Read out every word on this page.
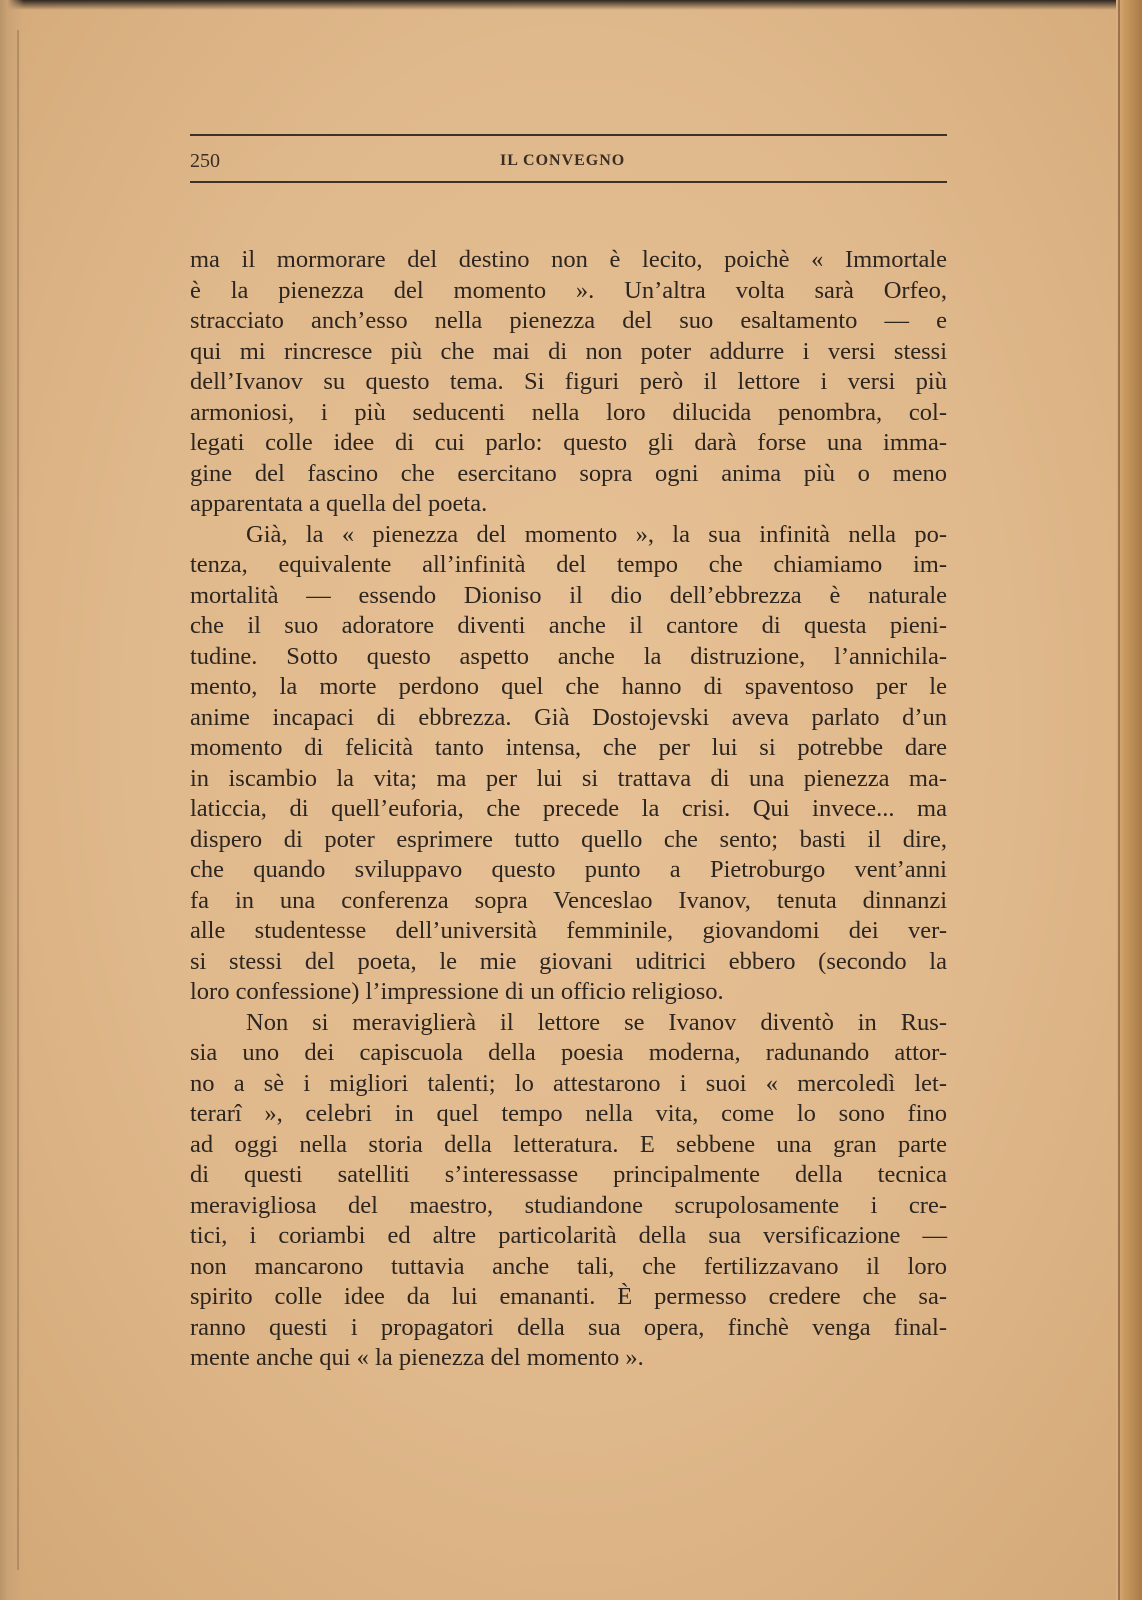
250	IL CONVEGNO
ma il mormorare del destino non è lecito, poichè « Immortale
è la pienezza del momento ». Un’altra volta sarà Orfeo,
stracciato anch’esso nella pienezza del suo esaltamento — e
qui mi rincresce più che mai di non poter addurre i versi stessi
dell’Ivanov su questo tema. Si figuri però il lettore i versi più
armoniosi, i più seducenti nella loro dilucida penombra, col-
legati colle idee di cui parlo: questo gli darà forse una imma-
gine del fascino che esercitano sopra ogni anima più o meno
apparentata a quella del poeta.
Già, la « pienezza del momento », la sua infinità nella po-
tenza, equivalente all’infinità del tempo che chiamiamo im-
mortalità — essendo Dioniso il dio dell’ebbrezza è naturale
che il suo adoratore diventi anche il cantore di questa pieni-
tudine. Sotto questo aspetto anche la distruzione, l’annichila-
mento, la morte perdono quel che hanno di spaventoso per le
anime incapaci di ebbrezza. Già Dostojevski aveva parlato d’un
momento di felicità tanto intensa, che per lui si potrebbe dare
in iscambio la vita; ma per lui si trattava di una pienezza ma-
laticcia, di quell’euforia, che precede la crisi. Qui invece... ma
dispero di poter esprimere tutto quello che sento; basti il dire,
che quando sviluppavo questo punto a Pietroburgo vent’anni
fa in una conferenza sopra Venceslao Ivanov, tenuta dinnanzi
alle studentesse dell’università femminile, giovandomi dei ver-
si stessi del poeta, le mie giovani uditrici ebbero (secondo la
loro confessione) l’impressione di un officio religioso.
Non si meraviglierà il lettore se Ivanov diventò in Rus-
sia uno dei capiscuola della poesia moderna, radunando attor-
no a sè i migliori talenti; lo attestarono i suoi « mercoledì let-
terarî », celebri in quel tempo nella vita, come lo sono fino
ad oggi nella storia della letteratura. E sebbene una gran parte
di questi satelliti s’interessasse principalmente della tecnica
meravigliosa del maestro, studiandone scrupolosamente i cre-
tici, i coriambi ed altre particolarità della sua versificazione —
non mancarono tuttavia anche tali, che fertilizzavano il loro
spirito colle idee da lui emananti. È permesso credere che sa-
ranno questi i propagatori della sua opera, finchè venga final-
mente anche qui « la pienezza del momento ».
